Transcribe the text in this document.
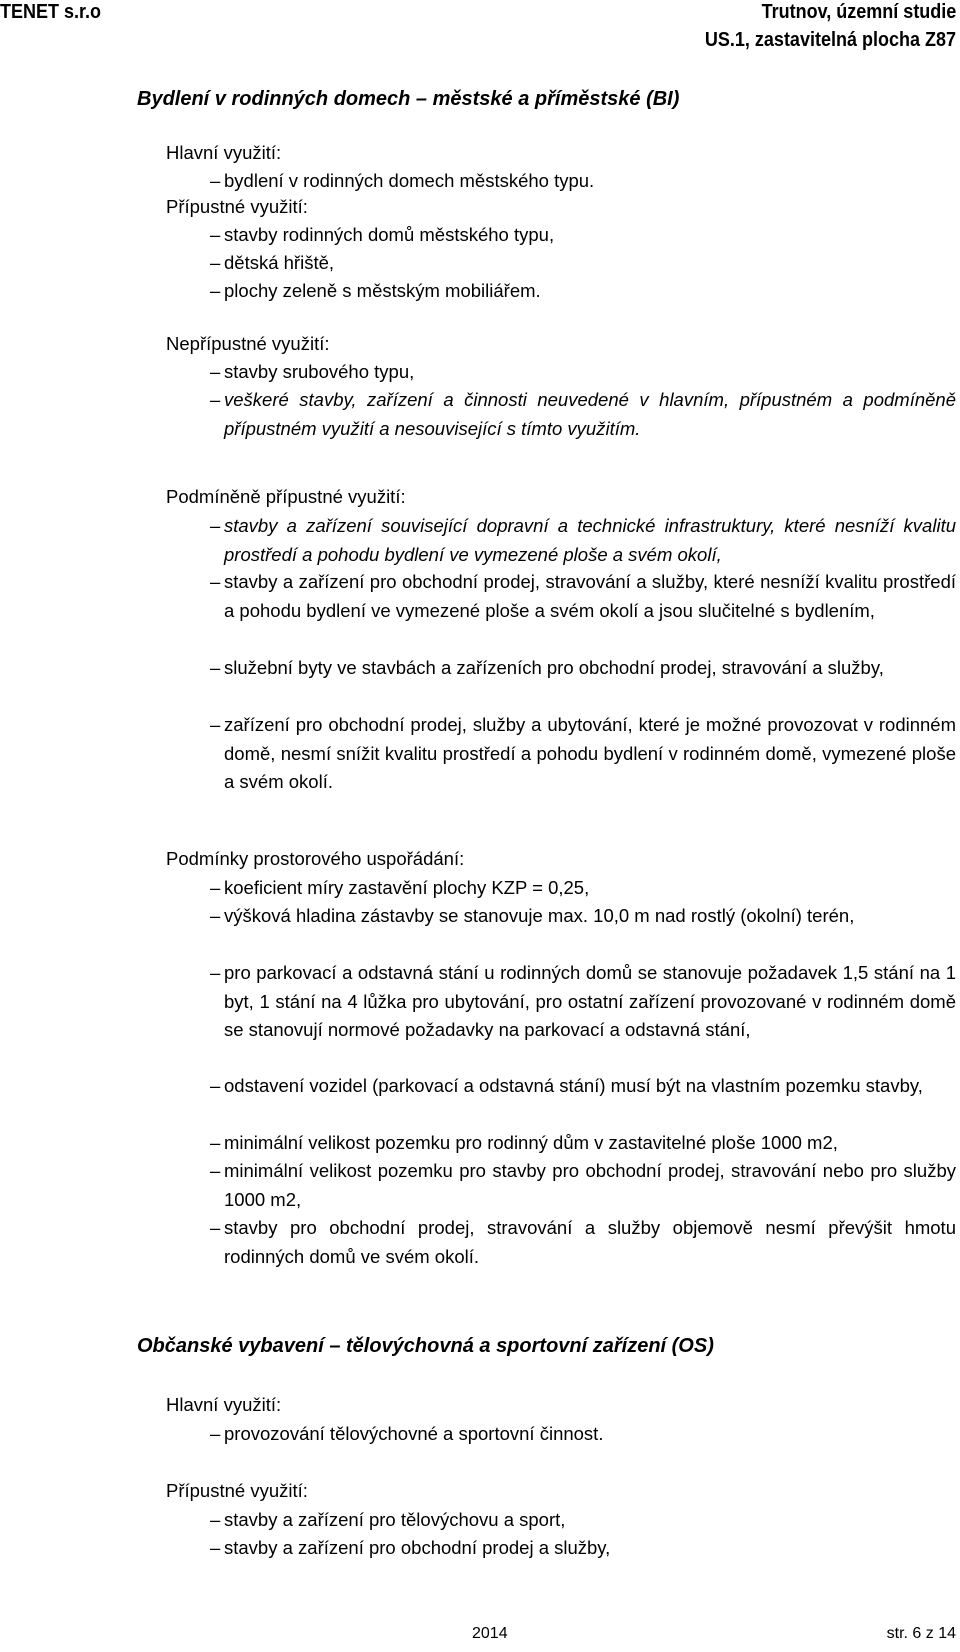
TENET s.r.o	Trutnov, územní studie
US.1, zastavitelná plocha Z87
Bydlení v rodinných domech – městské a příměstské (BI)
Hlavní využití:
– bydlení v rodinných domech městského typu.
Přípustné využití:
– stavby rodinných domů městského typu,
– dětská hřiště,
– plochy zeleně s městským mobiliářem.
Nepřípustné využití:
– stavby srubového typu,
– veškeré stavby, zařízení a činnosti neuvedené v hlavním, přípustném a podmíněně přípustném využití a nesouvisející s tímto využitím.
Podmíněně přípustné využití:
– stavby a zařízení související dopravní a technické infrastruktury, které nesníží kvalitu prostředí a pohodu bydlení ve vymezené ploše a svém okolí,
– stavby a zařízení pro obchodní prodej, stravování a služby, které nesníží kvalitu prostředí a pohodu bydlení ve vymezené ploše a svém okolí a jsou slučitelné s bydlením,
– služební byty ve stavbách a zařízeních pro obchodní prodej, stravování a služby,
– zařízení pro obchodní prodej, služby a ubytování, které je možné provozovat v rodinném domě, nesmí snížit kvalitu prostředí a pohodu bydlení v rodinném domě, vymezené ploše a svém okolí.
Podmínky prostorového uspořádání:
– koeficient míry zastavění plochy KZP = 0,25,
– výšková hladina zástavby se stanovuje max. 10,0 m nad rostlý (okolní) terén,
– pro parkovací a odstavná stání u rodinných domů se stanovuje požadavek 1,5 stání na 1 byt, 1 stání na 4 lůžka pro ubytování, pro ostatní zařízení provozované v rodinném domě se stanovují normové požadavky na parkovací a odstavná stání,
– odstavení vozidel (parkovací a odstavná stání) musí být na vlastním pozemku stavby,
– minimální velikost pozemku pro rodinný dům v zastavitelné ploše 1000 m2,
– minimální velikost pozemku pro stavby pro obchodní prodej, stravování nebo pro služby 1000 m2,
– stavby pro obchodní prodej, stravování a služby objemově nesmí převýšit hmotu rodinných domů ve svém okolí.
Občanské vybavení – tělovýchovná a sportovní zařízení (OS)
Hlavní využití:
– provozování tělovýchovné a sportovní činnost.
Přípustné využití:
– stavby a zařízení pro tělovýchovu a sport,
– stavby a zařízení pro obchodní prodej a služby,
2014	str. 6 z 14
